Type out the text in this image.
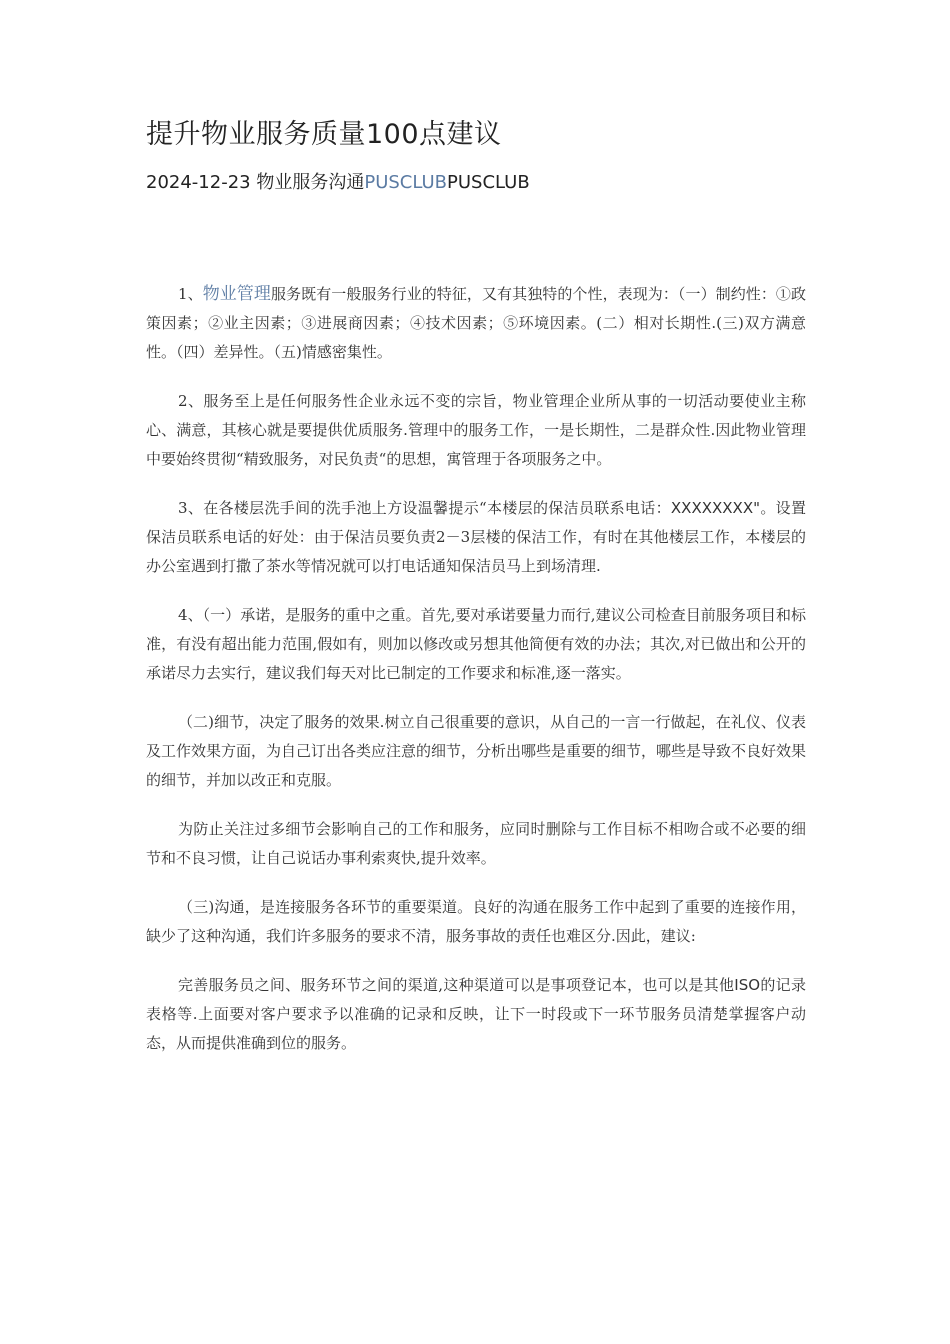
提升物业服务质量100点建议
2024-12-23 物业服务沟通PUSCLUBPUSCLUB

1、物业管理服务既有一般服务行业的特征，又有其独特的个性，表现为：（一）制约性：①政策因素；②业主因素；③进展商因素；④技术因素；⑤环境因素。(二）相对长期性.(三)双方满意性。（四）差异性。（五)情感密集性。

2、服务至上是任何服务性企业永远不变的宗旨，物业管理企业所从事的一切活动要使业主称心、满意，其核心就是要提供优质服务.管理中的服务工作，一是长期性，二是群众性.因此物业管理中要始终贯彻“精致服务，对民负责“的思想，寓管理于各项服务之中。

3、在各楼层洗手间的洗手池上方设温馨提示“本楼层的保洁员联系电话：XXXXXXXX"。设置保洁员联系电话的好处：由于保洁员要负责2－3层楼的保洁工作，有时在其他楼层工作，本楼层的办公室遇到打撒了茶水等情况就可以打电话通知保洁员马上到场清理.

4、（一）承诺，是服务的重中之重。首先,要对承诺要量力而行,建议公司检查目前服务项目和标准，有没有超出能力范围,假如有，则加以修改或另想其他简便有效的办法；其次,对已做出和公开的承诺尽力去实行，建议我们每天对比已制定的工作要求和标准,逐一落实。

（二)细节，决定了服务的效果.树立自己很重要的意识，从自己的一言一行做起，在礼仪、仪表及工作效果方面，为自己订出各类应注意的细节，分析出哪些是重要的细节，哪些是导致不良好效果的细节，并加以改正和克服。

为防止关注过多细节会影响自己的工作和服务，应同时删除与工作目标不相吻合或不必要的细节和不良习惯，让自己说话办事利索爽快,提升效率。

（三)沟通，是连接服务各环节的重要渠道。良好的沟通在服务工作中起到了重要的连接作用，缺少了这种沟通，我们许多服务的要求不清，服务事故的责任也难区分.因此，建议:

完善服务员之间、服务环节之间的渠道,这种渠道可以是事项登记本，也可以是其他ISO的记录表格等.上面要对客户要求予以准确的记录和反映，让下一时段或下一环节服务员清楚掌握客户动态，从而提供准确到位的服务。
